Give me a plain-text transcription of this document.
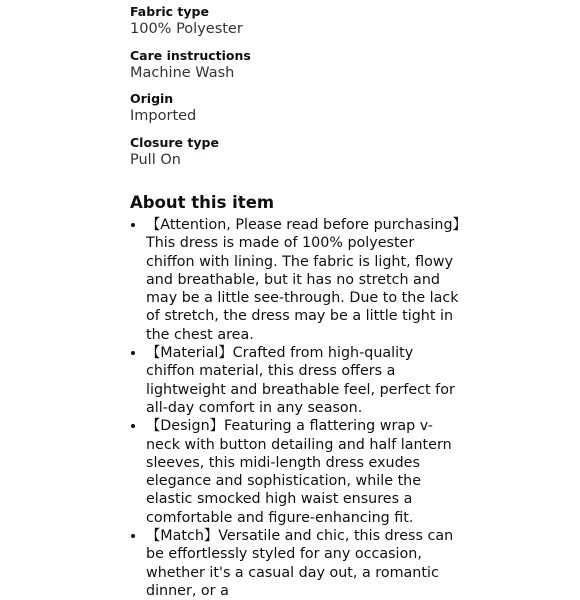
Fabric type
100% Polyester
Care instructions
Machine Wash
Origin
Imported
Closure type
Pull On
About this item
• 【Attention, Please read before purchasing】This dress is made of 100% polyester chiffon with lining. The fabric is light, flowy and breathable, but it has no stretch and may be a little see-through. Due to the lack of stretch, the dress may be a little tight in the chest area.
• 【Material】Crafted from high-quality chiffon material, this dress offers a lightweight and breathable feel, perfect for all-day comfort in any season.
• 【Design】Featuring a flattering wrap v-neck with button detailing and half lantern sleeves, this midi-length dress exudes elegance and sophistication, while the elastic smocked high waist ensures a comfortable and figure-enhancing fit.
• 【Match】Versatile and chic, this dress can be effortlessly styled for any occasion, whether it's a casual day out, a romantic dinner, or a
